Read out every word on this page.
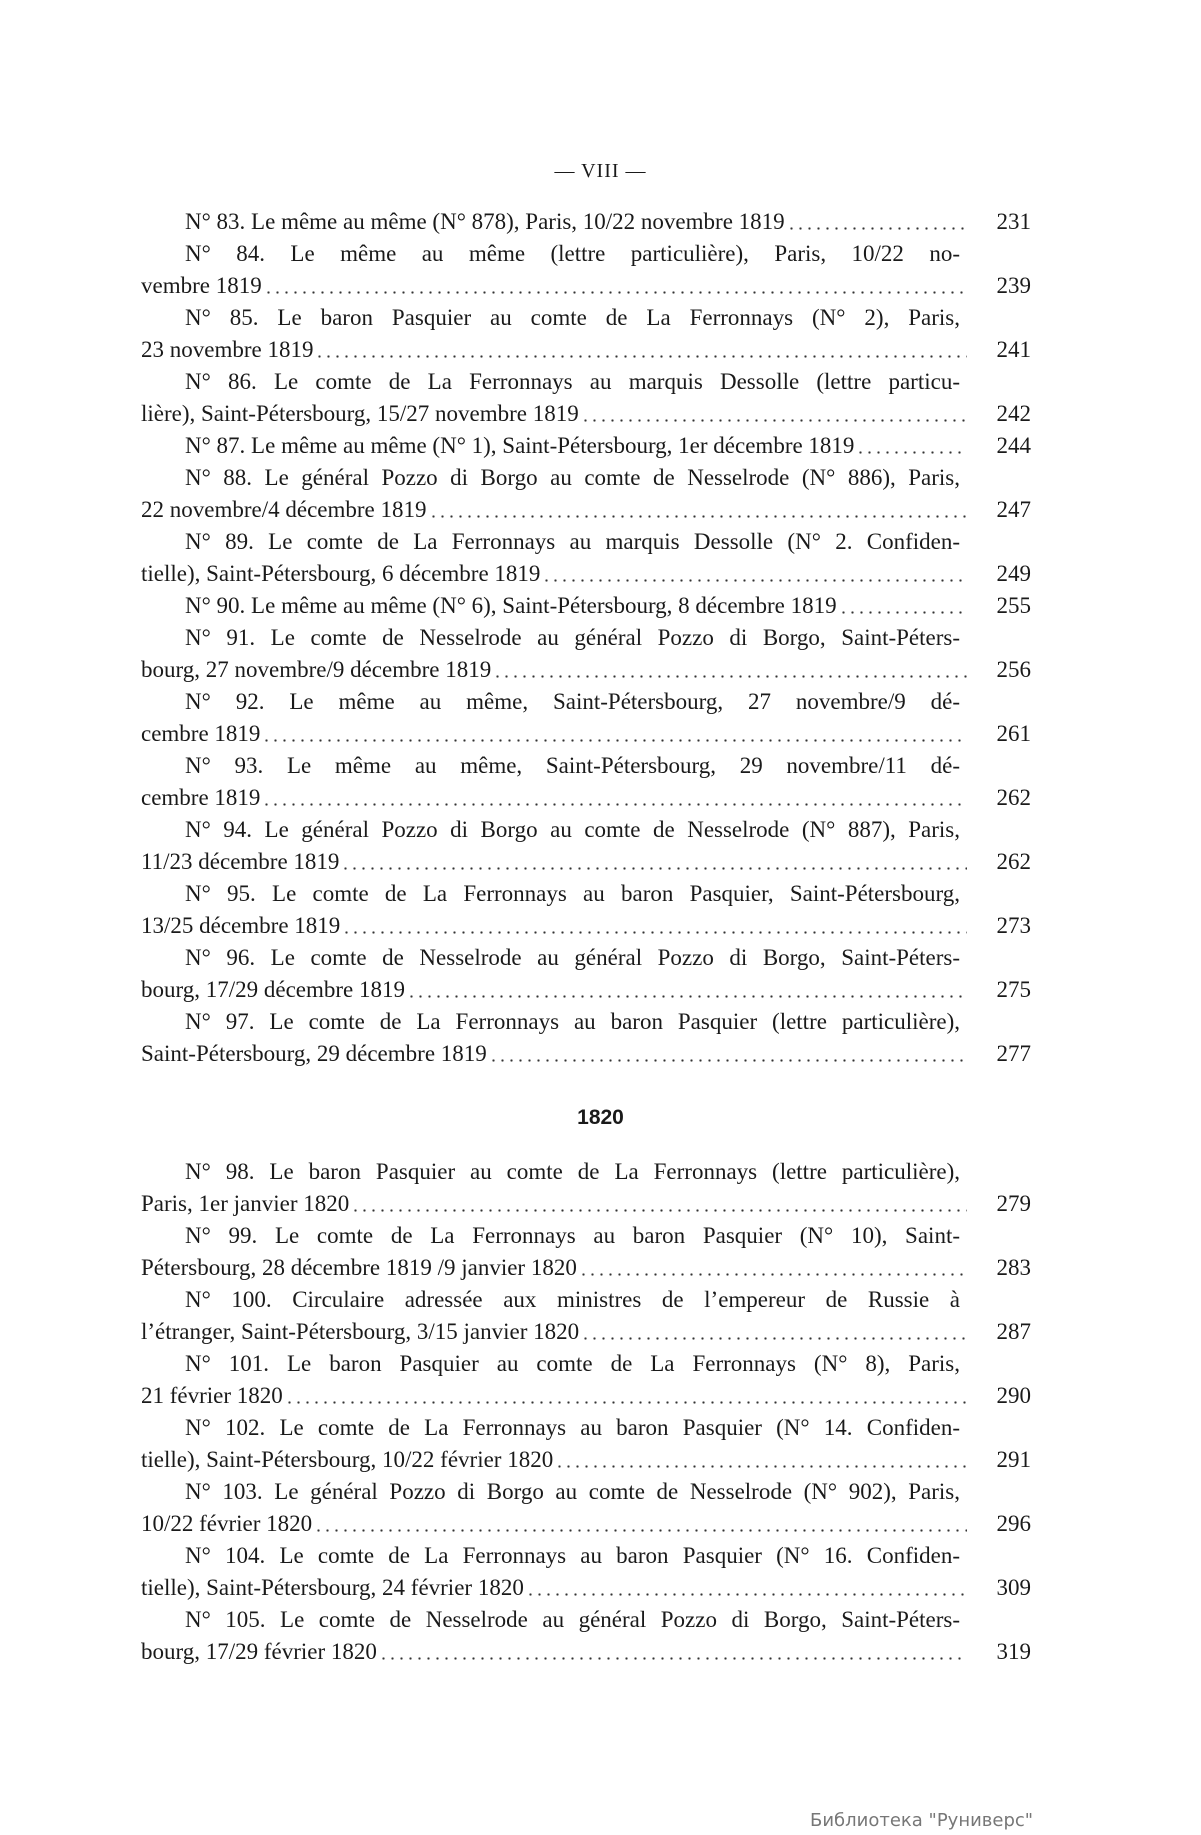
— VIII —
N° 83. Le même au même (N° 878), Paris, 10/22 novembre 1819	231
N° 84. Le même au même (lettre particulière), Paris, 10/22 no-
vembre 1819	239
N° 85. Le baron Pasquier au comte de La Ferronnays (N° 2), Paris,
23 novembre 1819	241
N° 86. Le comte de La Ferronnays au marquis Dessolle (lettre particu-
lière), Saint-Pétersbourg, 15/27 novembre 1819	242
N° 87. Le même au même (N° 1), Saint-Pétersbourg, 1er décembre 1819	244
N° 88. Le général Pozzo di Borgo au comte de Nesselrode (N° 886), Paris,
22 novembre/4 décembre 1819	247
N° 89. Le comte de La Ferronnays au marquis Dessolle (N° 2. Confiden-
tielle), Saint-Pétersbourg, 6 décembre 1819	249
N° 90. Le même au même (N° 6), Saint-Pétersbourg, 8 décembre 1819	255
N° 91. Le comte de Nesselrode au général Pozzo di Borgo, Saint-Péters-
bourg, 27 novembre/9 décembre 1819	256
N° 92. Le même au même, Saint-Pétersbourg, 27 novembre/9 dé-
cembre 1819	261
N° 93. Le même au même, Saint-Pétersbourg, 29 novembre/11 dé-
cembre 1819	262
N° 94. Le général Pozzo di Borgo au comte de Nesselrode (N° 887), Paris,
11/23 décembre 1819	262
N° 95. Le comte de La Ferronnays au baron Pasquier, Saint-Pétersbourg,
13/25 décembre 1819	273
N° 96. Le comte de Nesselrode au général Pozzo di Borgo, Saint-Péters-
bourg, 17/29 décembre 1819	275
N° 97. Le comte de La Ferronnays au baron Pasquier (lettre particulière),
Saint-Pétersbourg, 29 décembre 1819	277
1820
N° 98. Le baron Pasquier au comte de La Ferronnays (lettre particulière),
Paris, 1er janvier 1820	279
N° 99. Le comte de La Ferronnays au baron Pasquier (N° 10), Saint-
Pétersbourg, 28 décembre 1819 /9 janvier 1820	283
N° 100. Circulaire adressée aux ministres de l’empereur de Russie à
l’étranger, Saint-Pétersbourg, 3/15 janvier 1820	287
N° 101. Le baron Pasquier au comte de La Ferronnays (N° 8), Paris,
21 février 1820	290
N° 102. Le comte de La Ferronnays au baron Pasquier (N° 14. Confiden-
tielle), Saint-Pétersbourg, 10/22 février 1820	291
N° 103. Le général Pozzo di Borgo au comte de Nesselrode (N° 902), Paris,
10/22 février 1820	296
N° 104. Le comte de La Ferronnays au baron Pasquier (N° 16. Confiden-
tielle), Saint-Pétersbourg, 24 février 1820	309
N° 105. Le comte de Nesselrode au général Pozzo di Borgo, Saint-Péters-
bourg, 17/29 février 1820	319
Библиотека "Руниверс"
